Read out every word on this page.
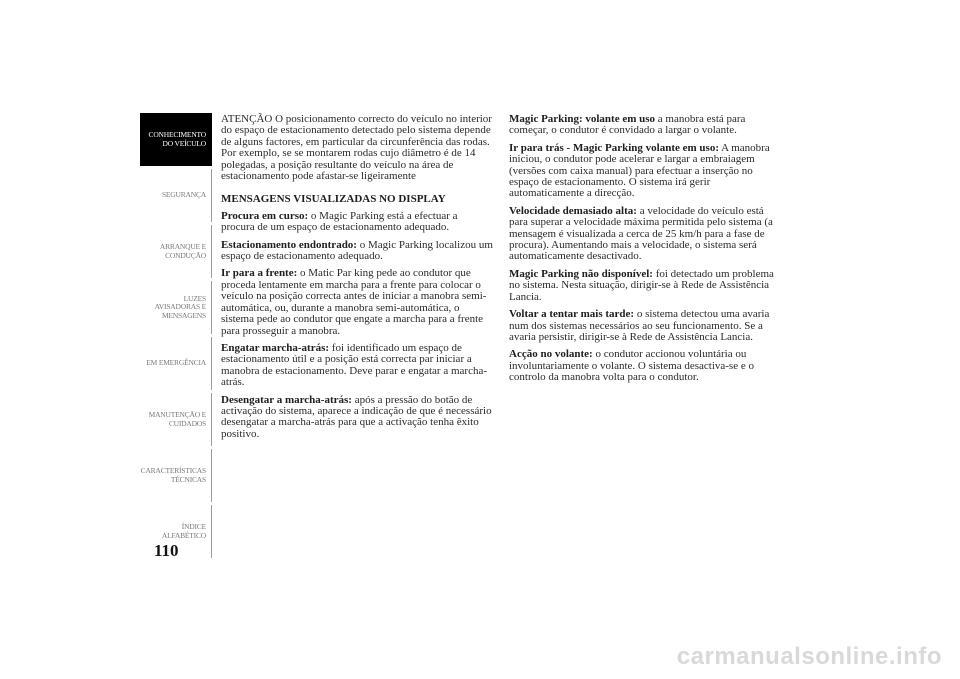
CONHECIMENTO
DO VEÍCULO
SEGURANÇA
ARRANQUE E
CONDUÇÃO
LUZES
AVISADORAS E
MENSAGENS
EM EMERGÊNCIA
MANUTENÇÃO E
CUIDADOS
CARACTERÍSTICAS
TÉCNICAS
ÍNDICE
ALFABÉTICO
110

ATENÇÃO O posicionamento correcto do veículo no interior do espaço de estacionamento detectado pelo sistema depende de alguns factores, em particular da circunferência das rodas. Por exemplo, se se montarem rodas cujo diâmetro é de 14 polegadas, a posição resultante do veículo na área de estacionamento pode afastar-se ligeiramente

MENSAGENS VISUALIZADAS NO DISPLAY

Procura em curso: o Magic Parking está a efectuar a procura de um espaço de estacionamento adequado.

Estacionamento endontrado: o Magic Parking localizou um espaço de estacionamento adequado.

Ir para a frente: o Matic Par king pede ao condutor que proceda lentamente em marcha para a frente para colocar o veículo na posição correcta antes de iniciar a manobra semi-automática, ou, durante a manobra semi-automática, o sistema pede ao condutor que engate a marcha para a frente para prosseguir a manobra.

Engatar marcha-atrás: foi identificado um espaço de estacionamento útil e a posição está correcta par iniciar a manobra de estacionamento. Deve parar e engatar a marcha-atrás.

Desengatar a marcha-atrás: após a pressão do botão de activação do sistema, aparece a indicação de que é necessário desengatar a marcha-atrás para que a activação tenha êxito positivo.

Magic Parking: volante em uso a manobra está para começar, o condutor é convidado a largar o volante.

Ir para trás - Magic Parking volante em uso: A manobra iniciou, o condutor pode acelerar e largar a embraiagem (versões com caixa manual) para efectuar a inserção no espaço de estacionamento. O sistema irá gerir automaticamente a direcção.

Velocidade demasiado alta: a velocidade do veículo está para superar a velocidade máxima permitida pelo sistema (a mensagem é visualizada a cerca de 25 km/h para a fase de procura). Aumentando mais a velocidade, o sistema será automaticamente desactivado.

Magic Parking não disponível: foi detectado um problema no sistema. Nesta situação, dirigir-se à Rede de Assistência Lancia.

Voltar a tentar mais tarde: o sistema detectou uma avaria num dos sistemas necessários ao seu funcionamento. Se a avaria persistir, dirigir-se à Rede de Assistência Lancia.

Acção no volante: o condutor accionou voluntária ou involuntariamente o volante. O sistema desactiva-se e o controlo da manobra volta para o condutor.

carmanualsonline.info
